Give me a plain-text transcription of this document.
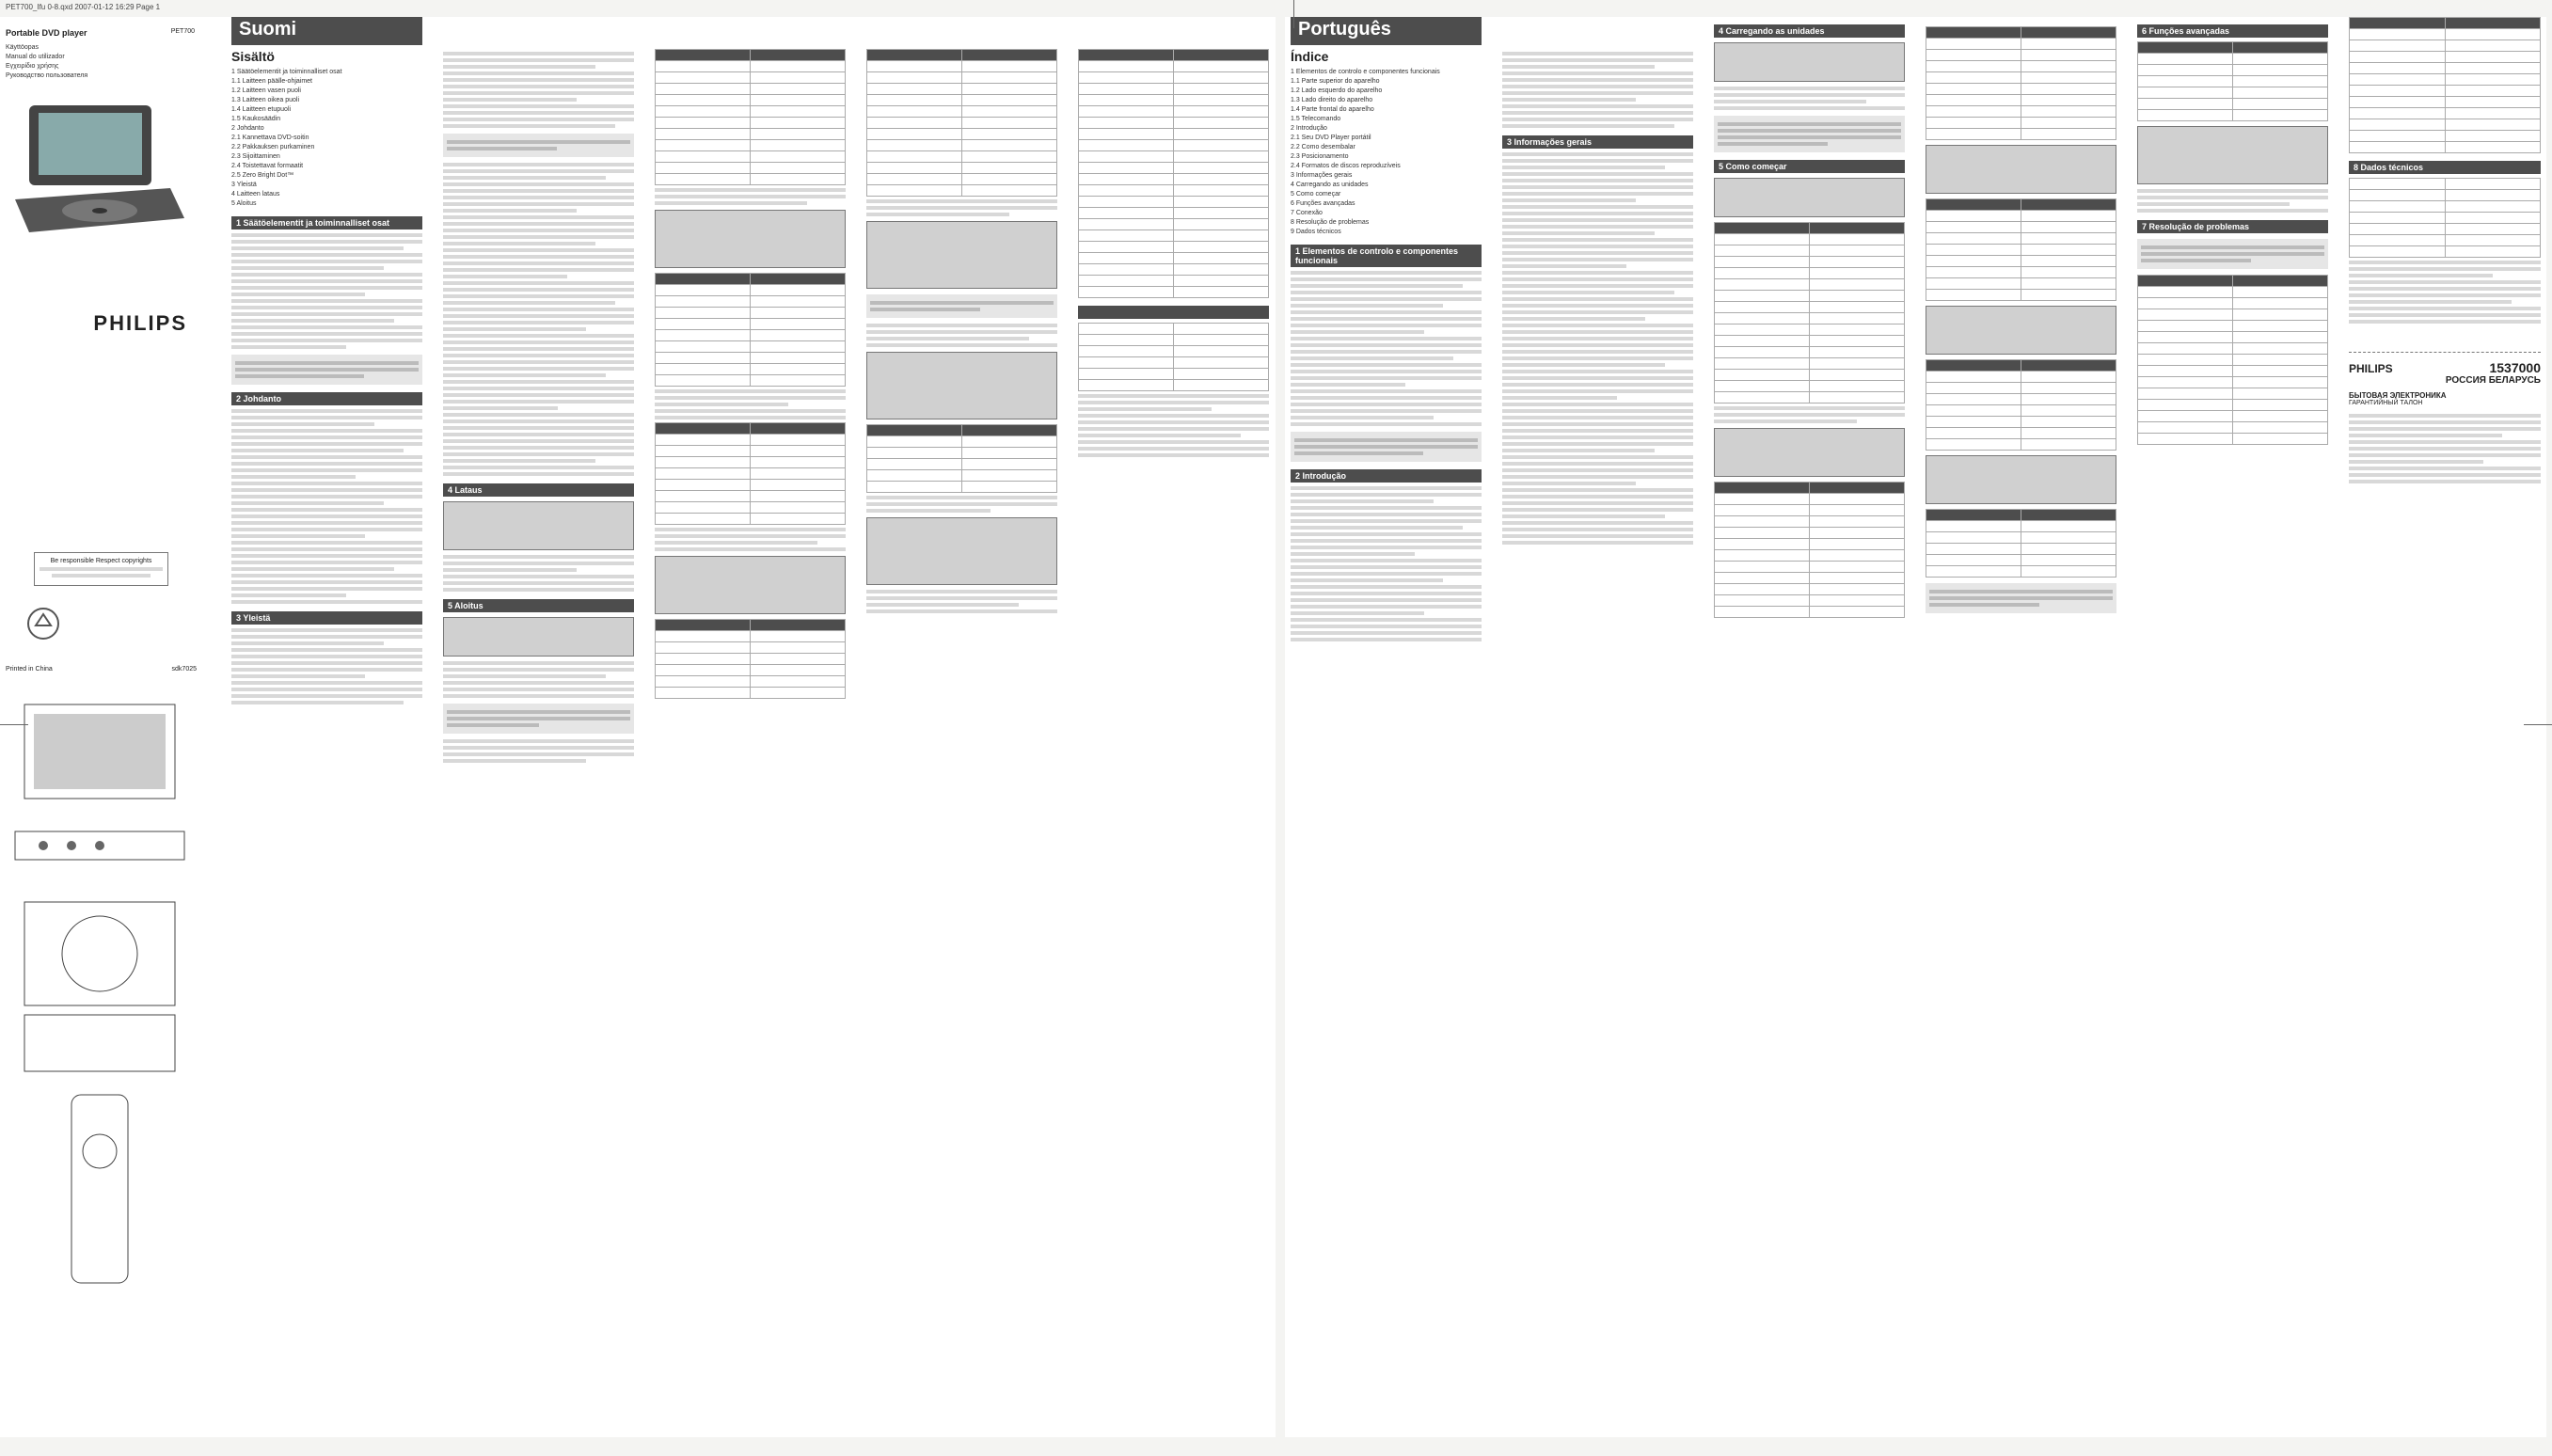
PET700_Ifu 0-8.qxd 2007-01-12 16:29 Page 1
Portable DVD player	PET700
Käyttöopas
Manual do utilizador
Εγχειρίδιο χρήσης
Руководство пользователя
PHILIPS
Be responsible Respect copyrights
Printed in China	sdk7025

Suomi
Sisältö
1 Säätöelementit ja toiminnalliset osat
1.1 Laitteen päälle-ohjaimet
1.2 Laitteen vasen puoli
1.3 Laitteen oikea puoli
1.4 Laitteen etupuoli
1.5 Kaukosäädin
2 Johdanto
2.1 Kannettava DVD-soitin
2.2 Pakkauksen purkaminen
2.3 Sijoittaminen
2.4 Toistettavat formaatit
2.5 Zero Bright Dot™
3 Yleistä
4 Laitteen lataus
5 Aloitus
1 Säätöelementit ja toiminnalliset osat
2 Johdanto
3 Yleistä
4 Lataus
5 Aloitus

Português
Índice
1 Elementos de controlo e componentes funcionais
1.1 Parte superior do aparelho
1.2 Lado esquerdo do aparelho
1.3 Lado direito do aparelho
1.4 Parte frontal do aparelho
1.5 Telecomando
2 Introdução
2.1 Seu DVD Player portátil
2.2 Como desembalar
2.3 Posicionamento
2.4 Formatos de discos reproduzíveis
3 Informações gerais
4 Carregando as unidades
5 Como começar
6 Funções avançadas
7 Conexão
8 Resolução de problemas
9 Dados técnicos
1 Elementos de controlo e componentes funcionais
2 Introdução
3 Informações gerais
4 Carregando as unidades
5 Como começar

6 Funções avançadas

7 Resolução de problemas

8 Dados técnicos

PHILIPS	1537000
РОССИЯ БЕЛАРУСЬ
БЫТОВАЯ ЭЛЕКТРОНИКА
ГАРАНТИЙНЫЙ ТАЛОН
